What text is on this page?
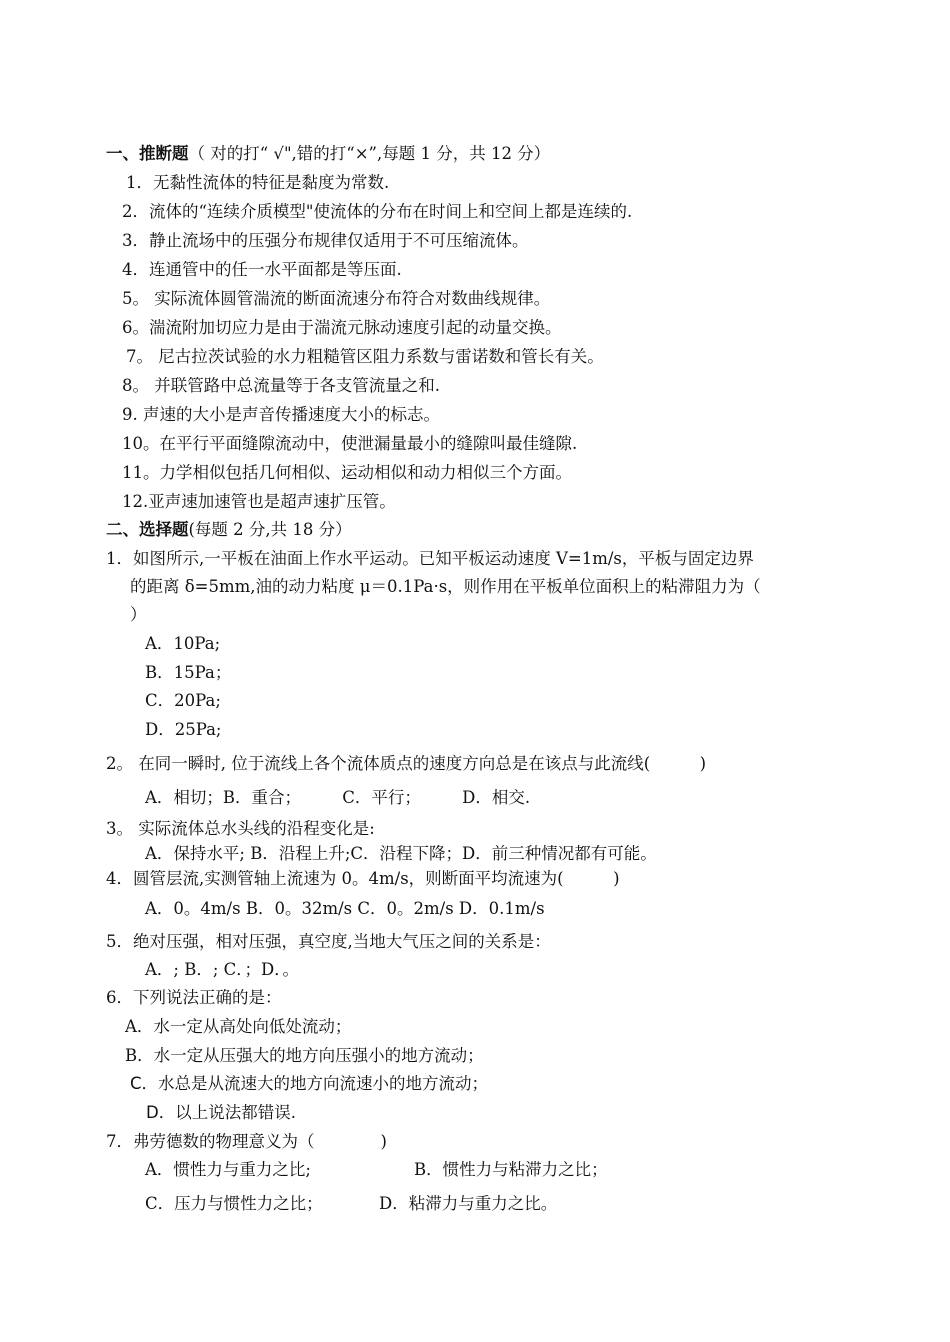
一、推断题（ 对的打“ √",错的打“×”,每题 1 分，共 12 分）
1．无黏性流体的特征是黏度为常数.
2．流体的“连续介质模型"使流体的分布在时间上和空间上都是连续的.
3．静止流场中的压强分布规律仅适用于不可压缩流体。
4．连通管中的任一水平面都是等压面.
5。 实际流体圆管湍流的断面流速分布符合对数曲线规律。
6。湍流附加切应力是由于湍流元脉动速度引起的动量交换。
7。 尼古拉茨试验的水力粗糙管区阻力系数与雷诺数和管长有关。
8。 并联管路中总流量等于各支管流量之和.
9. 声速的大小是声音传播速度大小的标志。
10。在平行平面缝隙流动中，使泄漏量最小的缝隙叫最佳缝隙.
11。力学相似包括几何相似、运动相似和动力相似三个方面。
12.亚声速加速管也是超声速扩压管。
二、选择题(每题 2 分,共 18 分）
1．如图所示,一平板在油面上作水平运动。已知平板运动速度 V=1m/s，平板与固定边界
的距离 δ=5mm,油的动力粘度 μ＝0.1Pa·s，则作用在平板单位面积上的粘滞阻力为（
）
A．10Pa;
B．15Pa；
C．20Pa;
D．25Pa;
2。 在同一瞬时, 位于流线上各个流体质点的速度方向总是在该点与此流线(　　　)
A．相切；B．重合；　　　C．平行；　　　D．相交.
3。 实际流体总水头线的沿程变化是:
A．保持水平; B．沿程上升;C．沿程下降；D．前三种情况都有可能。
4．圆管层流,实测管轴上流速为 0。4m/s，则断面平均流速为(　　　)
A．0。4m/s B．0。32m/s C．0。2m/s D．0.1m/s
5．绝对压强，相对压强，真空度,当地大气压之间的关系是：
A．; B．; C．；D．。
6．下列说法正确的是：
A．水一定从高处向低处流动；
B．水一定从压强大的地方向压强小的地方流动；
C．水总是从流速大的地方向流速小的地方流动；
D．以上说法都错误.
7．弗劳德数的物理意义为（　　　　)
A．惯性力与重力之比;	B．惯性力与粘滞力之比；
C．压力与惯性力之比；	D．粘滞力与重力之比。
